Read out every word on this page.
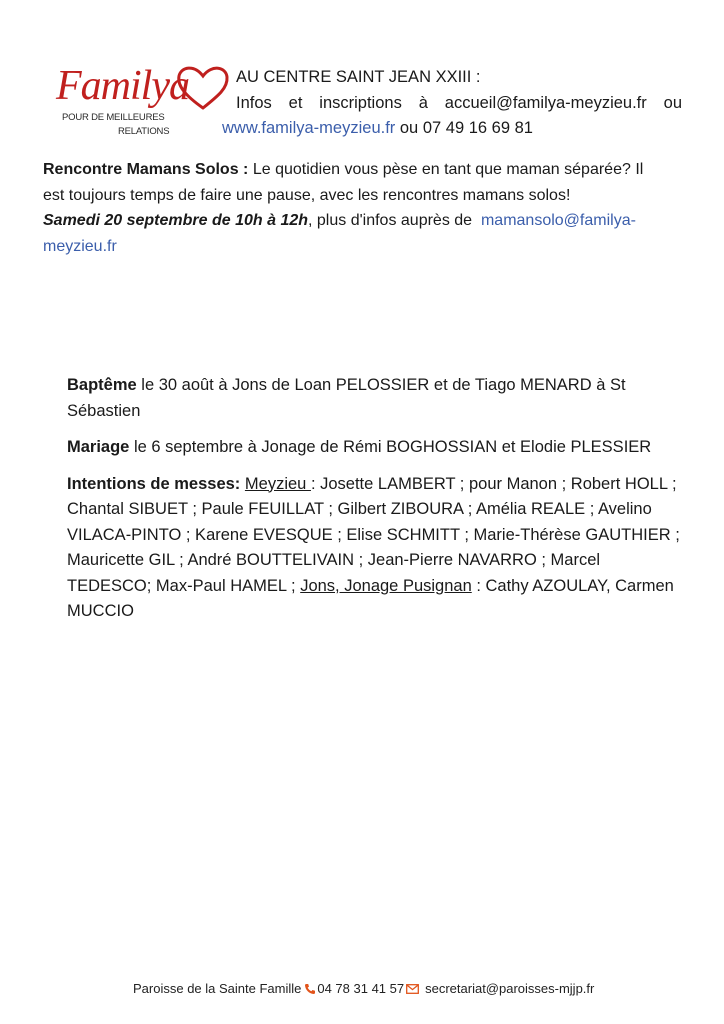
Familya
POUR DE MEILLEURES
RELATIONS
AU CENTRE SAINT JEAN XXIII :
Infos et inscriptions à accueil@familya-meyzieu.fr ou
www.familya-meyzieu.fr ou 07 49 16 69 81
Rencontre Mamans Solos : Le quotidien vous pèse en tant que maman séparée? Il
est toujours temps de faire une pause, avec les rencontres mamans solos!
Samedi 20 septembre de 10h à 12h, plus d'infos auprès de  mamansolo@familya-
meyzieu.fr

Baptême le 30 août à Jons de Loan PELOSSIER et de Tiago MENARD à St
Sébastien

Mariage le 6 septembre à Jonage de Rémi BOGHOSSIAN et Elodie PLESSIER

Intentions de messes: Meyzieu : Josette LAMBERT ; pour Manon ; Robert HOLL ;
Chantal SIBUET ; Paule FEUILLAT ; Gilbert ZIBOURA ; Amélia REALE ; Avelino
VILACA-PINTO ; Karene EVESQUE ; Elise SCHMITT ; Marie-Thérèse GAUTHIER ;
Mauricette GIL ; André BOUTTELIVAIN ; Jean-Pierre NAVARRO ; Marcel
TEDESCO; Max-Paul HAMEL ; Jons, Jonage Pusignan : Cathy AZOULAY, Carmen
MUCCIO

Paroisse de la Sainte Famille 04 78 31 41 57 secretariat@paroisses-mjjp.fr
